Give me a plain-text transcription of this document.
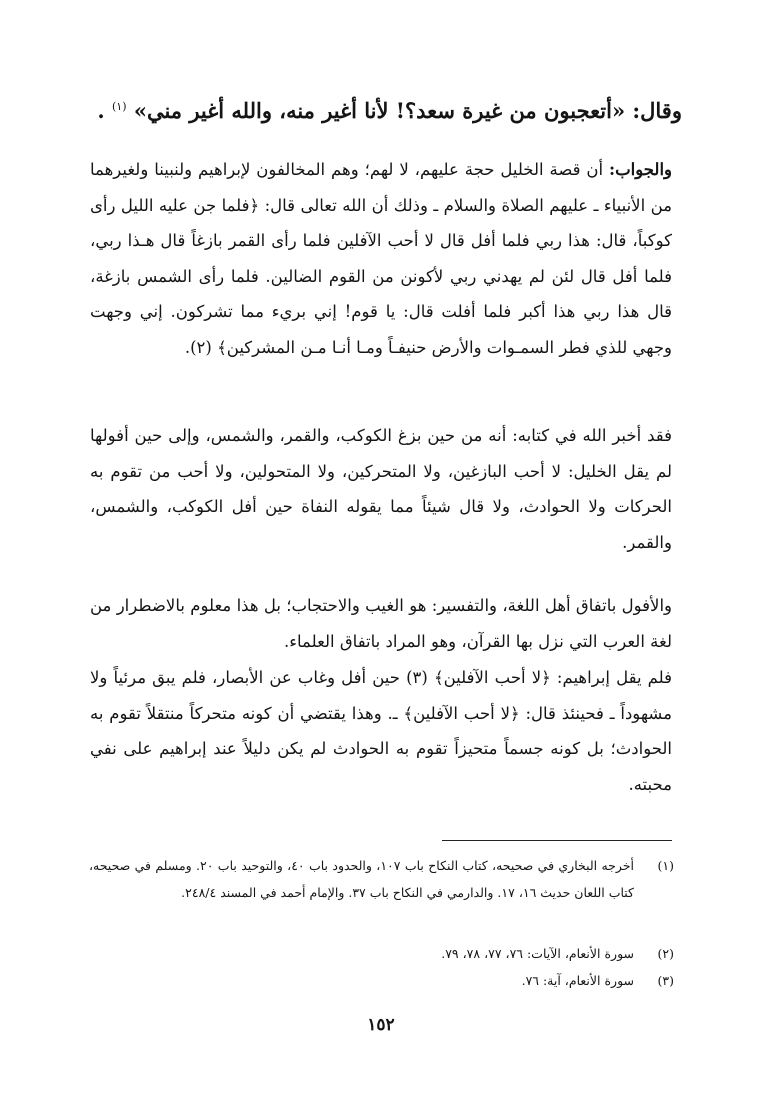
وقال: «أتعجبون من غيرة سعد؟! لأنا أغير منه، والله أغير مني» $^{(١)}$ .
والجواب: أن قصة الخليل حجة عليهم، لا لهم؛ وهم المخالفون لإبراهيم ولنبينا ولغيرهما من الأنبياء ـ عليهم الصلاة والسلام ـ وذلك أن الله تعالى قال: ﴿فلما جن عليه الليل رأى كوكباً، قال: هذا ربي فلما أفل قال لا أحب الآفلين فلما رأى القمر بازغاً قال هـذا ربي، فلما أفل قال لئن لم يهدني ربي لأكونن من القوم الضالين. فلما رأى الشمس بازغة، قال هذا ربي هذا أكبر فلما أفلت قال: يا قوم! إني بريء مما تشركون. إني وجهت وجهي للذي فطر السمـوات والأرض حنيفـاً ومـا أنـا مـن المشركين﴾ (٢).
فقد أخبر الله في كتابه: أنه من حين بزغ الكوكب، والقمر، والشمس، وإلى حين أفولها لم يقل الخليل: لا أحب البازغين، ولا المتحركين، ولا المتحولين، ولا أحب من تقوم به الحركات ولا الحوادث، ولا قال شيئاً مما يقوله النفاة حين أفل الكوكب، والشمس، والقمر.
والأفول باتفاق أهل اللغة، والتفسير: هو الغيب والاحتجاب؛ بل هذا معلوم بالاضطرار من لغة العرب التي نزل بها القرآن، وهو المراد باتفاق العلماء.
فلم يقل إبراهيم: ﴿لا أحب الآفلين﴾ (٣) حين أفل وغاب عن الأبصار، فلم يبق مرئياً ولا مشهوداً ـ فحينئذ قال: ﴿لا أحب الآفلين﴾ ـ. وهذا يقتضي أن كونه متحركاً منتقلاً تقوم به الحوادث؛ بل كونه جسماً متحيزاً تقوم به الحوادث لم يكن دليلاً عند إبراهيم على نفي محبته.
(١)أخرجه البخاري في صحيحه، كتاب النكاح باب ١٠٧، والحدود باب ٤٠، والتوحيد باب ٢٠. ومسلم في صحيحه، كتاب اللعان حديث ١٦، ١٧. والدارمي في النكاح باب ٣٧. والإمام أحمد في المسند ٢٤٨/٤.
(٢)سورة الأنعام، الآيات: ٧٦، ٧٧، ٧٨، ٧٩.
(٣)سورة الأنعام، آية: ٧٦.
١٥٢
